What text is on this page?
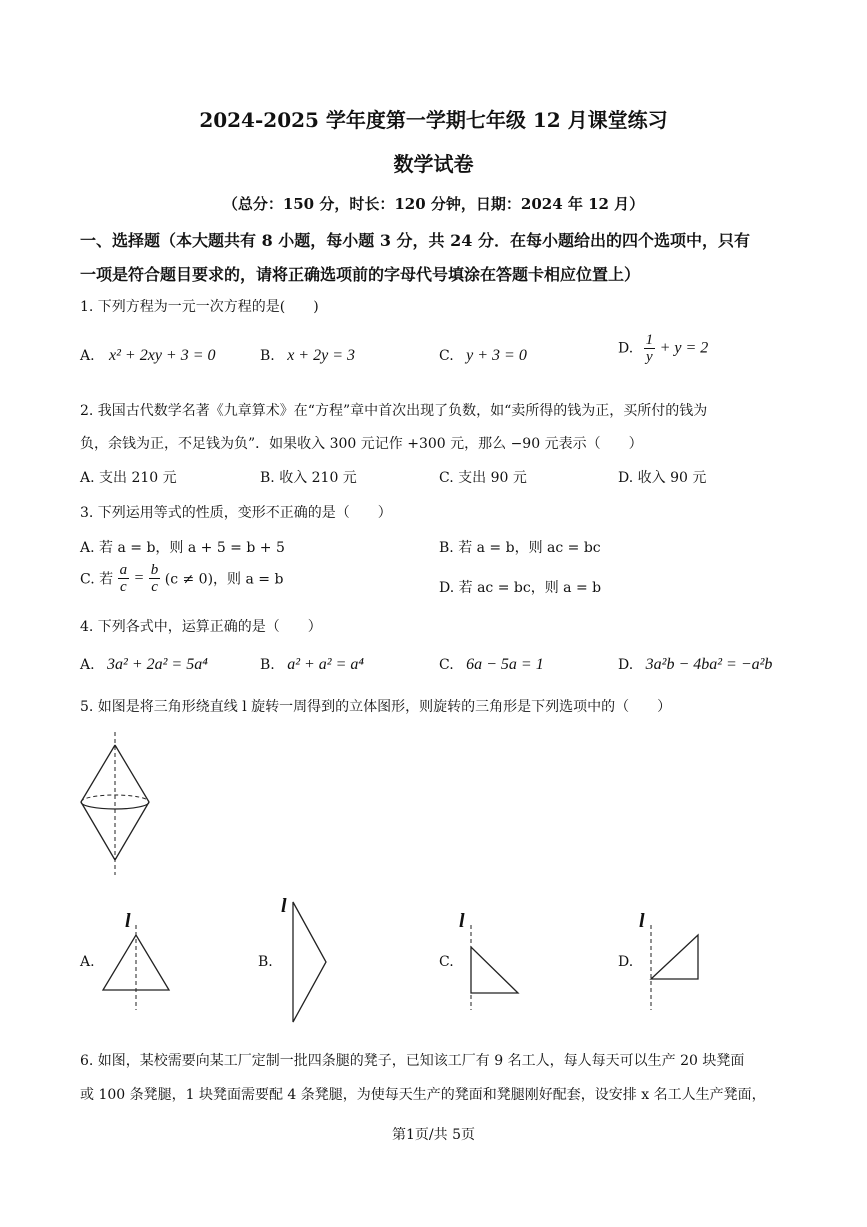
2024-2025 学年度第一学期七年级 12 月课堂练习
数学试卷
（总分：150 分，时长：120 分钟，日期：2024 年 12 月）
一、选择题（本大题共有 8 小题，每小题 3 分，共 24 分．在每小题给出的四个选项中，只有
一项是符合题目要求的，请将正确选项前的字母代号填涂在答题卡相应位置上）
1. 下列方程为一元一次方程的是(　　)
A. x² + 2xy + 3 = 0	B. x + 2y = 3	C. y + 3 = 0	D. $\frac{1}{y} + y = 2$
2. 我国古代数学名著《九章算术》在“方程”章中首次出现了负数，如“卖所得的钱为正，买所付的钱为
负，余钱为正，不足钱为负”．如果收入 300 元记作 +300 元，那么 −90 元表示（　　）
A. 支出 210 元	B. 收入 210 元	C. 支出 90 元	D. 收入 90 元
3. 下列运用等式的性质，变形不正确的是（　　）
A. 若 a = b，则 a + 5 = b + 5	B. 若 a = b，则 ac = bc
C. 若 $\frac{a}{c} = \frac{b}{c} (c \ne 0)$，则 a = b
D. 若 ac = bc，则 a = b
4. 下列各式中，运算正确的是（　　）
A. 3a² + 2a² = 5a⁴	B. a² + a² = a⁴	C. 6a − 5a = 1	D. 3a²b − 4ba² = −a²b
5. 如图是将三角形绕直线 l 旋转一周得到的立体图形，则旋转的三角形是下列选项中的（　　）
A.
l
B.
l
C.
l
D.
l
6. 如图，某校需要向某工厂定制一批四条腿的凳子，已知该工厂有 9 名工人，每人每天可以生产 20 块凳面
或 100 条凳腿，1 块凳面需要配 4 条凳腿，为使每天生产的凳面和凳腿刚好配套，设安排 x 名工人生产凳面，
第1页/共 5页
